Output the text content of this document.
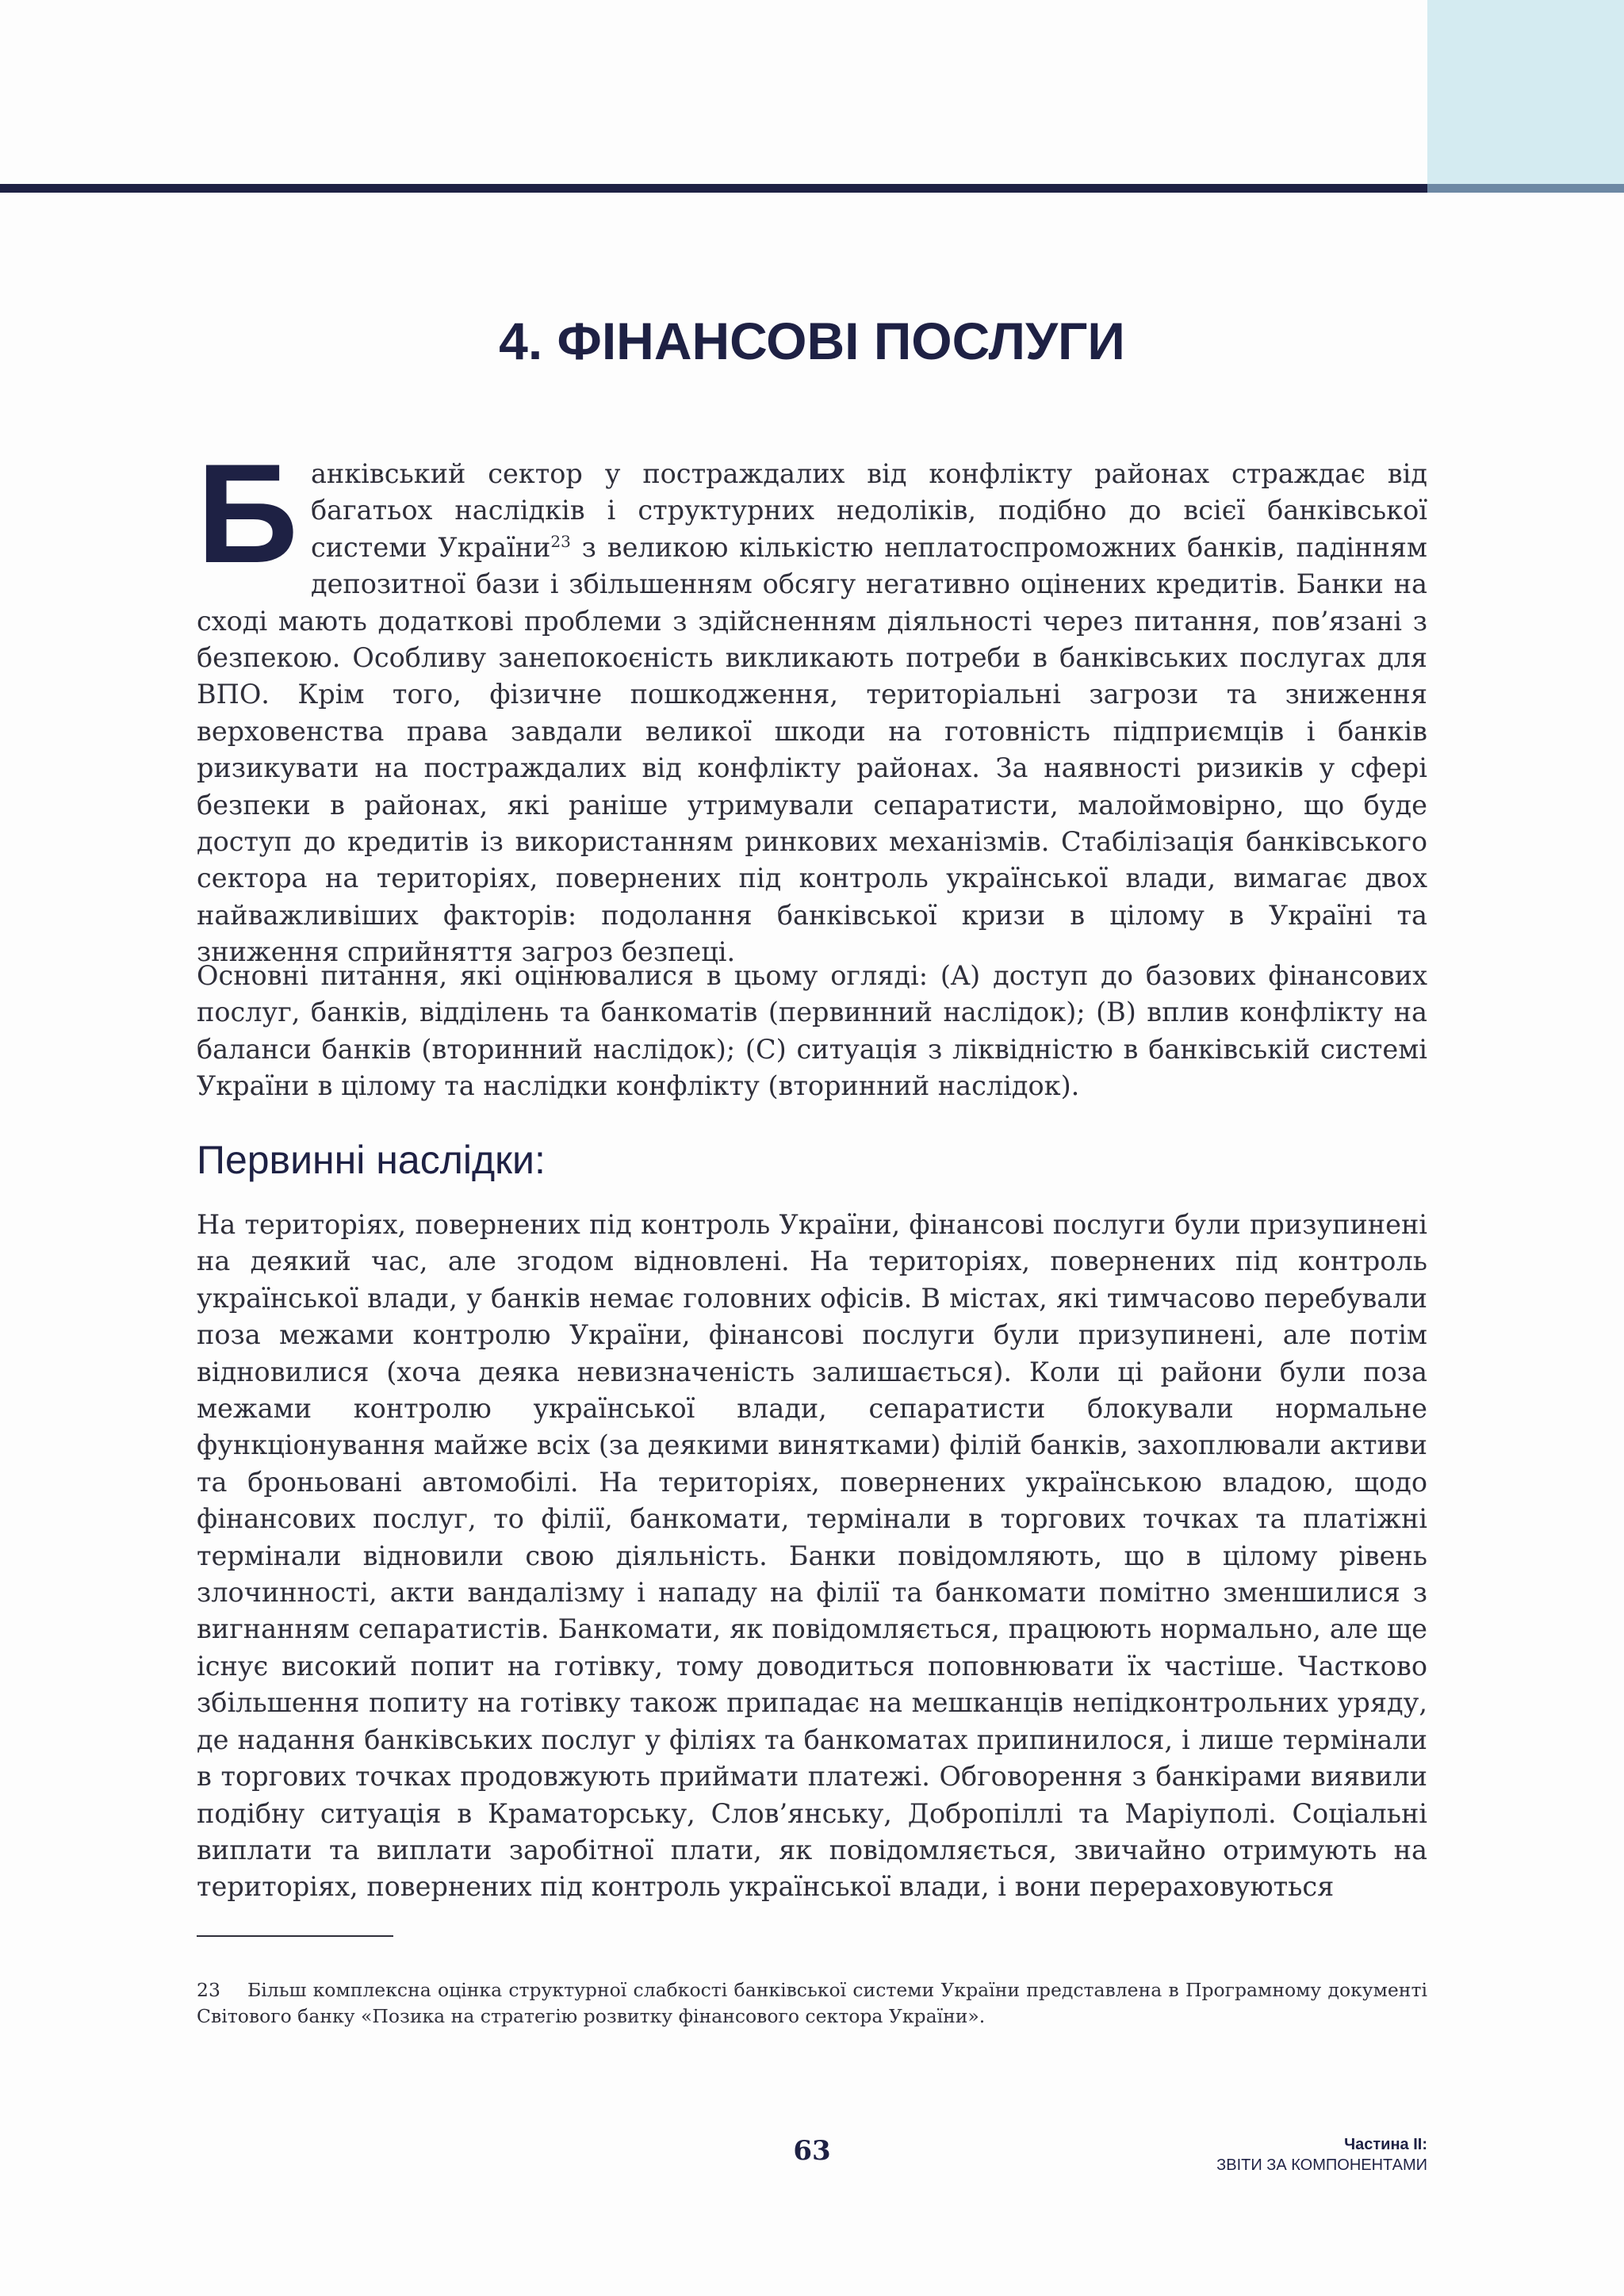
4. ФІНАНСОВІ ПОСЛУГИ

Банківський сектор у постраждалих від конфлікту районах страждає від багатьох наслідків і структурних недоліків, подібно до всієї банківської системи України$^{23}$ з великою кількістю неплатоспроможних банків, падінням депозитної бази і збільшенням обсягу негативно оцінених кредитів. Банки на сході мають додаткові проблеми з здійсненням діяльності через питання, пов’язані з безпекою. Особливу занепокоєність викликають потреби в банківських послугах для ВПО. Крім того, фізичне пошкодження, територіальні загрози та зниження верховенства права завдали великої шкоди на готовність підприємців і банків ризикувати на постраждалих від конфлікту районах. За наявності ризиків у сфері безпеки в районах, які раніше утримували сепаратисти, малоймовірно, що буде доступ до кредитів із використанням ринкових механізмів. Стабілізація банківського сектора на територіях, повернених під контроль української влади, вимагає двох найважливіших факторів: подолання банківської кризи в цілому в Україні та зниження сприйняття загроз безпеці.

Основні питання, які оцінювалися в цьому огляді: (A) доступ до базових фінансових послуг, банків, відділень та банкоматів (первинний наслідок); (B) вплив конфлікту на баланси банків (вторинний наслідок); (C) ситуація з ліквідністю в банківській системі України в цілому та наслідки конфлікту (вторинний наслідок).

Первинні наслідки:

На територіях, повернених під контроль України, фінансові послуги були призупинені на деякий час, але згодом відновлені. На територіях, повернених під контроль української влади, у банків немає головних офісів. В містах, які тимчасово перебували поза межами контролю України, фінансові послуги були призупинені, але потім відновилися (хоча деяка невизначеність залишається). Коли ці райони були поза межами контролю української влади, сепаратисти блокували нормальне функціонування майже всіх (за деякими винятками) філій банків, захоплювали активи та броньовані автомобілі. На територіях, повернених українською владою, щодо фінансових послуг, то філії, банкомати, термінали в торгових точках та платіжні термінали відновили свою діяльність. Банки повідомляють, що в цілому рівень злочинності, акти вандалізму і нападу на філії та банкомати помітно зменшилися з вигнанням сепаратистів. Банкомати, як повідомляється, працюють нормально, але ще існує високий попит на готівку, тому доводиться поповнювати їх частіше. Частково збільшення попиту на готівку також припадає на мешканців непідконтрольних уряду, де надання банківських послуг у філіях та банкоматах припинилося, і лише термінали в торгових точках продовжують приймати платежі. Обговорення з банкірами виявили подібну ситуація в Краматорську, Слов’янську, Добропіллі та Маріуполі. Соціальні виплати та виплати заробітної плати, як повідомляється, звичайно отримують на територіях, повернених під контроль української влади, і вони перераховуються

23 Більш комплексна оцінка структурної слабкості банківської системи України представлена в Програмному документі Світового банку «Позика на стратегію розвитку фінансового сектора України».

63	Частина II:
ЗВІТИ ЗА КОМПОНЕНТАМИ
